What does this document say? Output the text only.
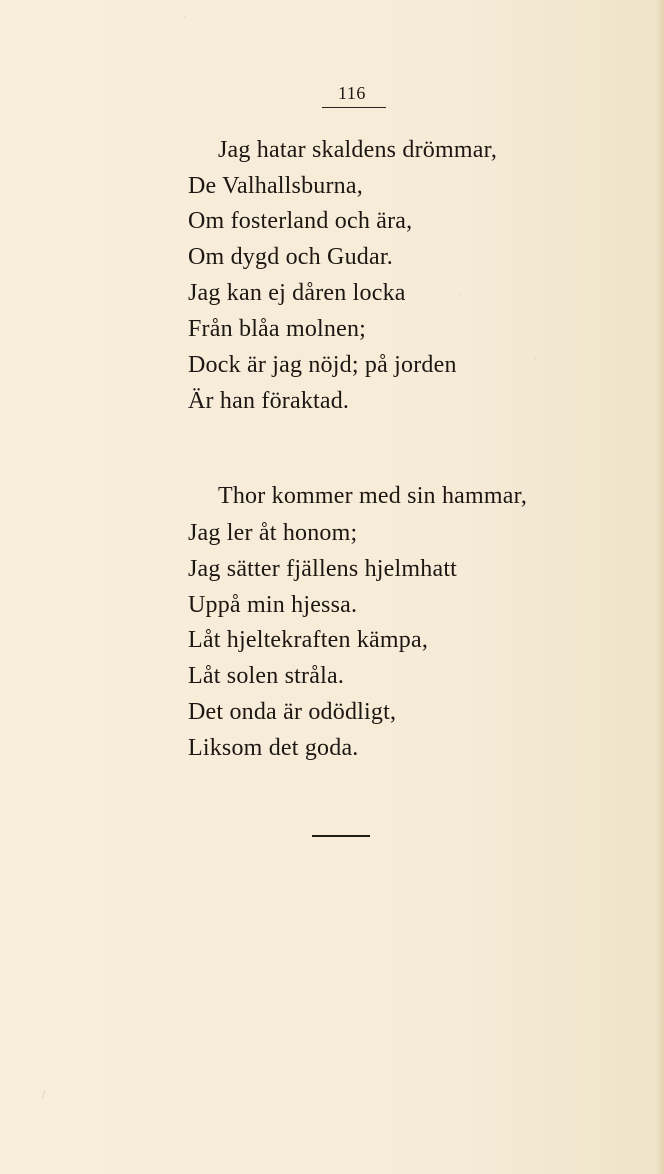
'
/
·
·
116
Jag hatar skaldens drömmar,
De Valhallsburna,
Om fosterland och ära,
Om dygd och Gudar.
Jag kan ej dåren locka
Från blåa molnen;
Dock är jag nöjd; på jorden
Är han föraktad.
Thor kommer med sin hammar,
Jag ler åt honom;
Jag sätter fjällens hjelmhatt
Uppå min hjessa.
Låt hjeltekraften kämpa,
Låt solen stråla.
Det onda är odödligt,
Liksom det goda.
